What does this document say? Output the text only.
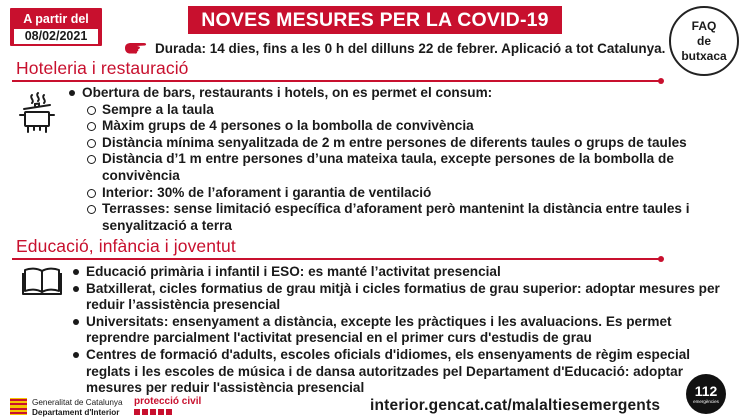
A partir del
08/02/2021
NOVES MESURES PER LA COVID-19	FAQ
de
butxaca
Durada: 14 dies, fins a les 0 h del dilluns 22 de febrer. Aplicació a tot Catalunya.
Hoteleria i restauració
Obertura de bars, restaurants i hotels, on es permet el consum:
Sempre a la taula
Màxim grups de 4 persones o la bombolla de convivència
Distància mínima senyalitzada de 2 m entre persones de diferents taules o grups de taules
Distància d’1 m entre persones d’una mateixa taula, excepte persones de la bombolla de convivència
Interior: 30% de l’aforament i garantia de ventilació
Terrasses: sense limitació específica d’aforament però mantenint la distància entre taules i senyalització a terra
Educació, infància i joventut
Educació primària i infantil i ESO: es manté l’activitat presencial
Batxillerat, cicles formatius de grau mitjà i cicles formatius de grau superior: adoptar mesures per reduir l’assistència presencial
Universitats: ensenyament a distància, excepte les pràctiques i les avaluacions. Es permet reprendre parcialment l'activitat presencial en el primer curs d'estudis de grau
Centres de formació d'adults, escoles oficials d'idiomes, els ensenyaments de règim especial reglats i les escoles de música i de dansa autoritzades pel Departament d'Educació: adoptar mesures per reduir l'assistència presencial
Generalitat de Catalunya
Departament d'Interior
protecció civil	interior.gencat.cat/malaltiesemergents
112
emergències
